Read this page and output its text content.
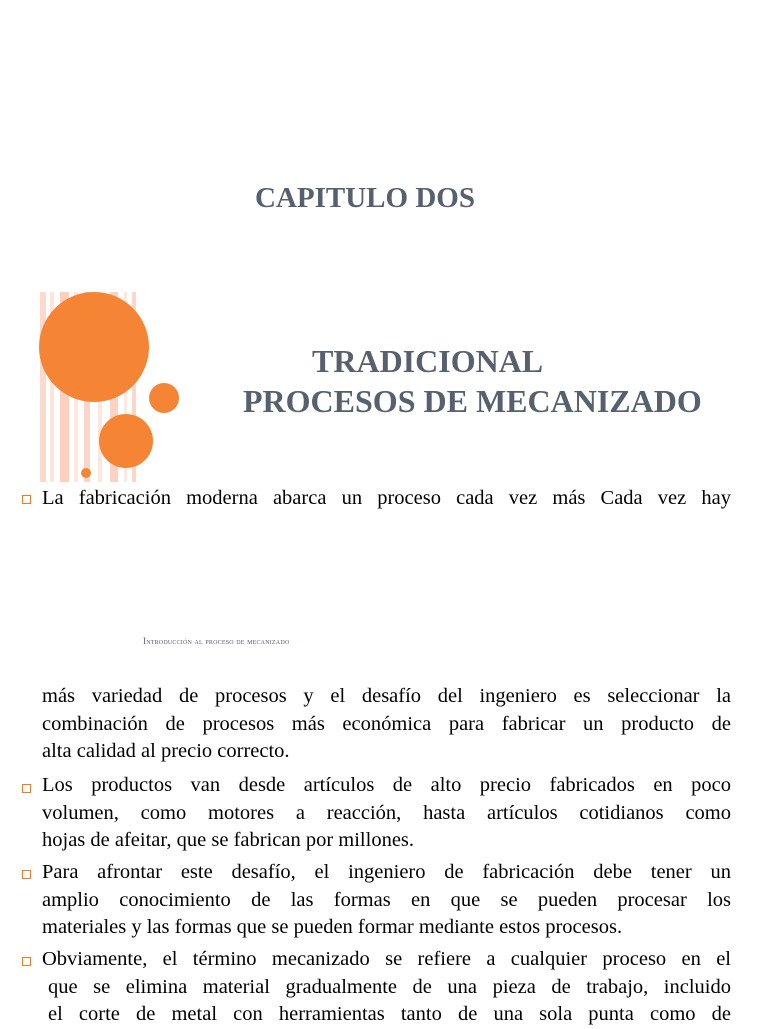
CAPITULO DOS
TRADICIONAL
PROCESOS DE MECANIZADO
La fabricación moderna abarca un proceso cada vez más Cada vez hay
Introducción al proceso de mecanizado
más variedad de procesos y el desafío del ingeniero es seleccionar la
combinación de procesos más económica para fabricar un producto de
alta calidad al precio correcto.
Los productos van desde artículos de alto precio fabricados en poco
volumen, como motores a reacción, hasta artículos cotidianos como
hojas de afeitar, que se fabrican por millones.
Para afrontar este desafío, el ingeniero de fabricación debe tener un
amplio conocimiento de las formas en que se pueden procesar los
materiales y las formas que se pueden formar mediante estos procesos.
Obviamente, el término mecanizado se refiere a cualquier proceso en el
que se elimina material gradualmente de una pieza de trabajo, incluido
el corte de metal con herramientas tanto de una sola punta como de
